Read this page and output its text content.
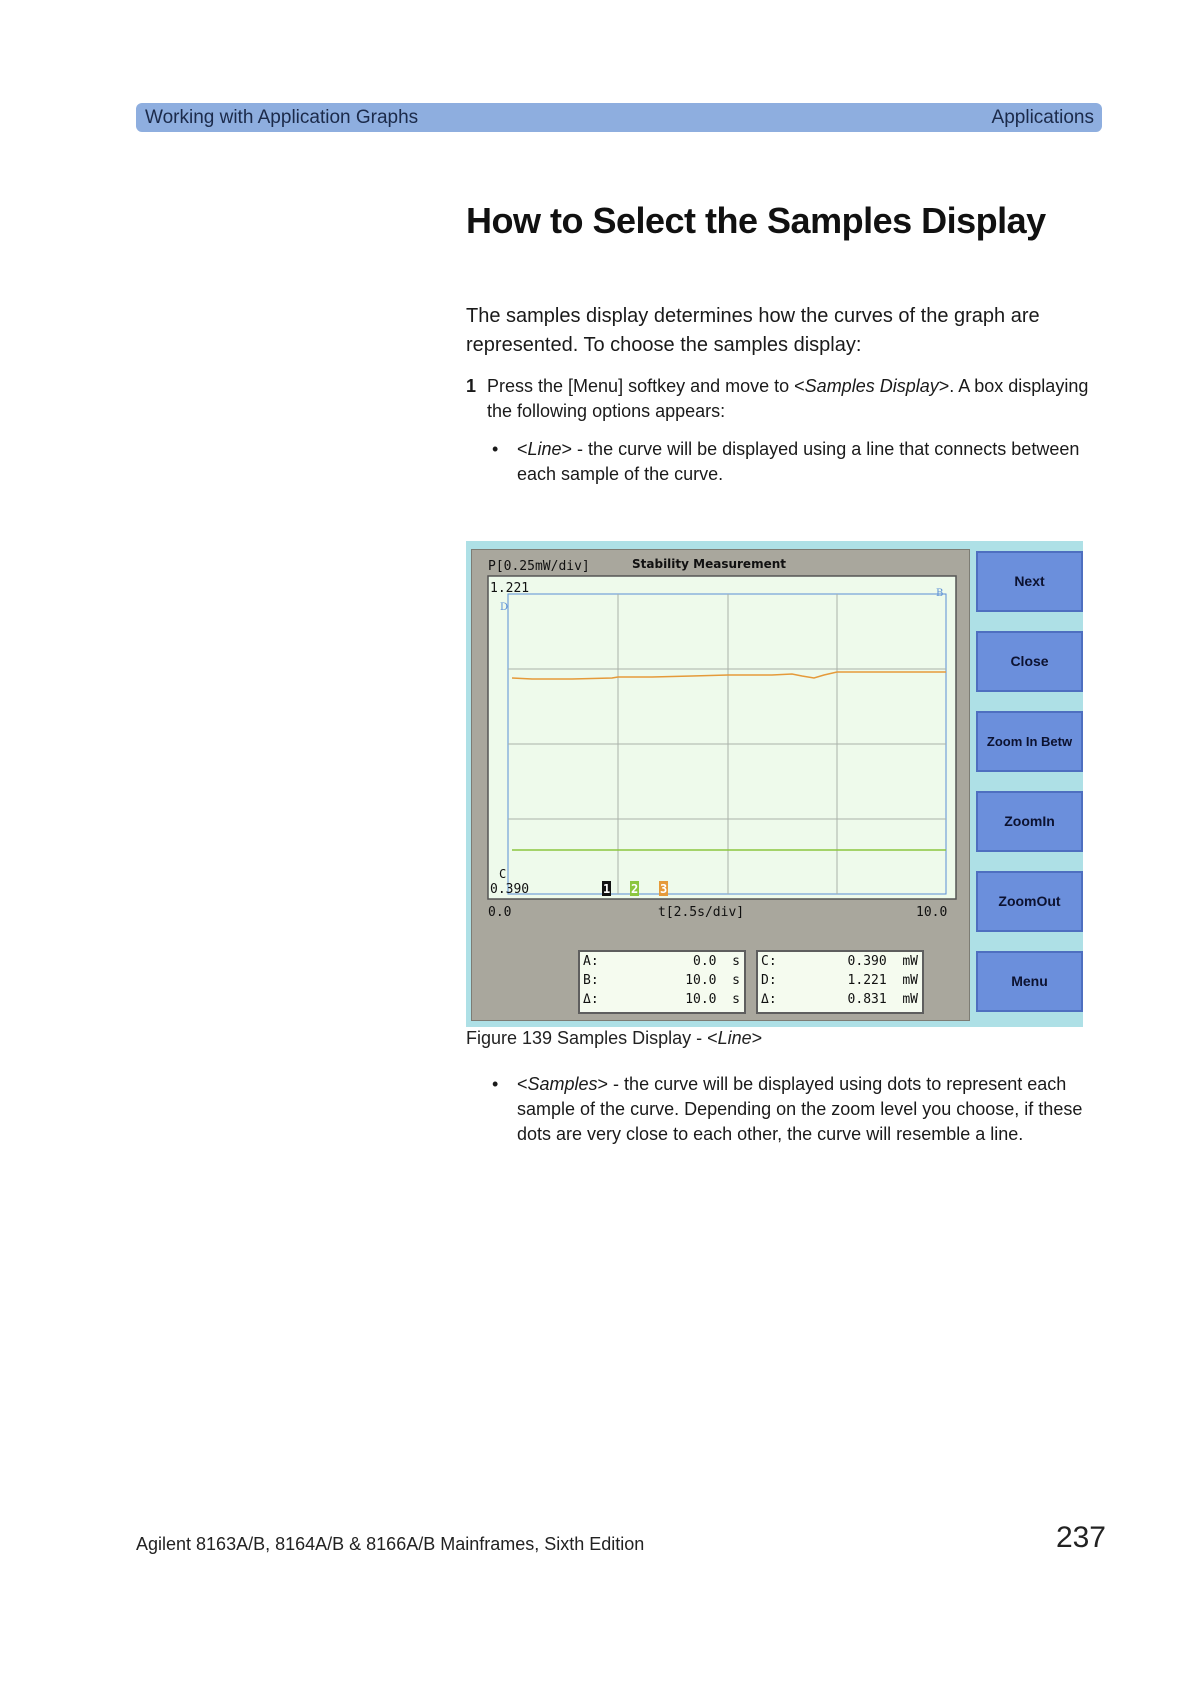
Working with Application Graphs	Applications
How to Select the Samples Display

The samples display determines how the curves of the graph are represented. To choose the samples display:

1 Press the [Menu] softkey and move to <Samples Display>. A box displaying the following options appears:
• <Line> - the curve will be displayed using a line that connects between each sample of the curve.
P[0.25mW/div]	Stability Measurement
1.221
D
B
C
0.390	1 2 3
0.0	t[2.5s/div]	10.0
A:	0.0  s
B:	10.0  s
Δ:	10.0  s
C:	0.390  mW
D:	1.221  mW
Δ:	0.831  mW
Next
Close
Zoom In Betw
ZoomIn
ZoomOut
Menu
Figure 139 Samples Display - <Line>
• <Samples> - the curve will be displayed using dots to represent each sample of the curve. Depending on the zoom level you choose, if these dots are very close to each other, the curve will resemble a line.
Agilent 8163A/B, 8164A/B & 8166A/B Mainframes, Sixth Edition	237
